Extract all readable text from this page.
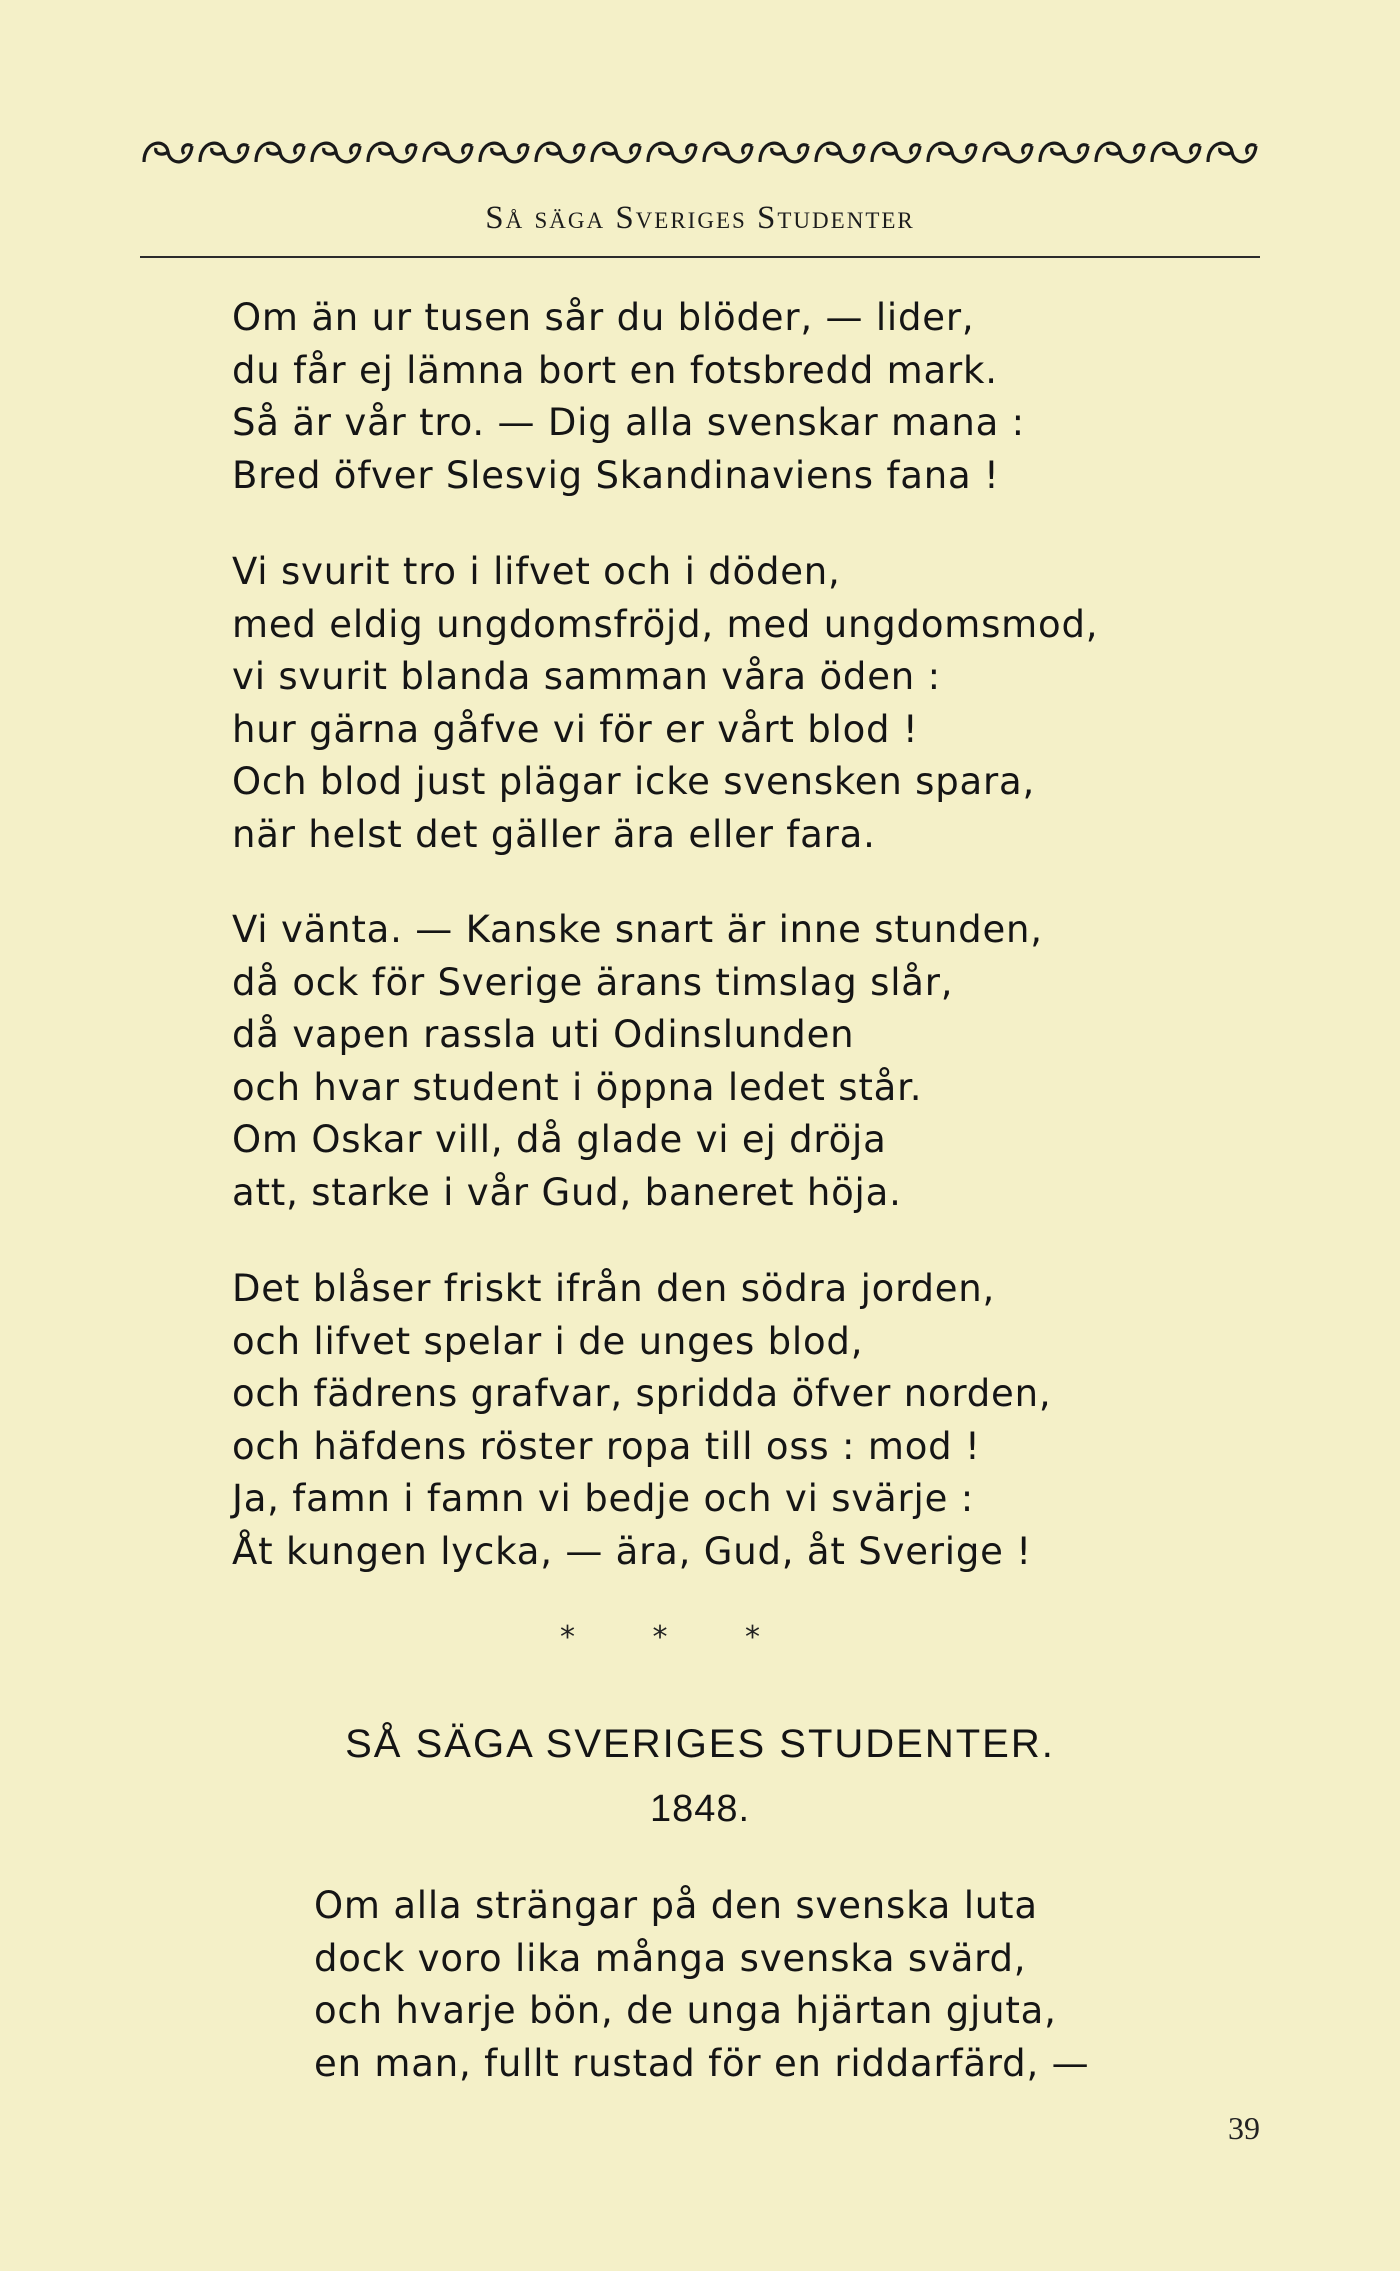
Så säga Sveriges Studenter
Om än ur tusen sår du blöder, — lider,
du får ej lämna bort en fotsbredd mark.
Så är vår tro. — Dig alla svenskar mana :
Bred öfver Slesvig Skandinaviens fana !
Vi svurit tro i lifvet och i döden,
med eldig ungdomsfröjd, med ungdomsmod,
vi svurit blanda samman våra öden :
hur gärna gåfve vi för er vårt blod !
Och blod just plägar icke svensken spara,
när helst det gäller ära eller fara.
Vi vänta. — Kanske snart är inne stunden,
då ock för Sverige ärans timslag slår,
då vapen rassla uti Odinslunden
och hvar student i öppna ledet står.
Om Oskar vill, då glade vi ej dröja
att, starke i vår Gud, baneret höja.
Det blåser friskt ifrån den södra jorden,
och lifvet spelar i de unges blod,
och fädrens grafvar, spridda öfver norden,
och häfdens röster ropa till oss : mod !
Ja, famn i famn vi bedje och vi svärje :
Åt kungen lycka, — ära, Gud, åt Sverige !
*	*	*
SÅ SÄGA SVERIGES STUDENTER.
1848.
Om alla strängar på den svenska luta
dock voro lika många svenska svärd,
och hvarje bön, de unga hjärtan gjuta,
en man, fullt rustad för en riddarfärd, —
39
